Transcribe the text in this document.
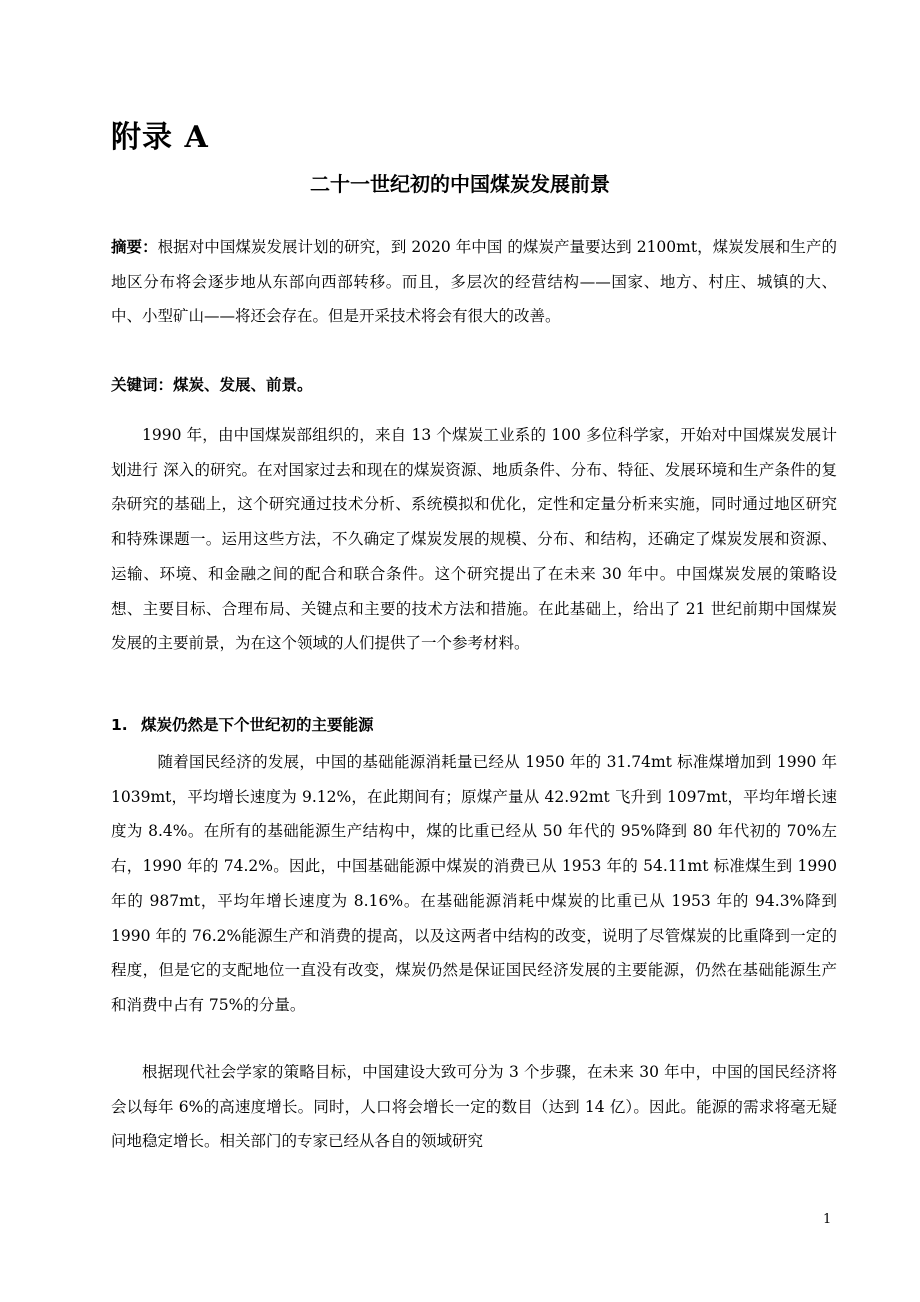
附录 A
二十一世纪初的中国煤炭发展前景
摘要：根据对中国煤炭发展计划的研究，到 2020 年中国 的煤炭产量要达到 2100mt，煤炭发展和生产的地区分布将会逐步地从东部向西部转移。而且，多层次的经营结构——国家、地方、村庄、城镇的大、中、小型矿山——将还会存在。但是开采技术将会有很大的改善。
关键词：煤炭、发展、前景。
1990 年，由中国煤炭部组织的，来自 13 个煤炭工业系的 100 多位科学家，开始对中国煤炭发展计划进行 深入的研究。在对国家过去和现在的煤炭资源、地质条件、分布、特征、发展环境和生产条件的复杂研究的基础上，这个研究通过技术分析、系统模拟和优化，定性和定量分析来实施，同时通过地区研究和特殊课题一。运用这些方法，不久确定了煤炭发展的规模、分布、和结构，还确定了煤炭发展和资源、运输、环境、和金融之间的配合和联合条件。这个研究提出了在未来 30 年中。中国煤炭发展的策略设想、主要目标、合理布局、关键点和主要的技术方法和措施。在此基础上，给出了 21 世纪前期中国煤炭发展的主要前景，为在这个领域的人们提供了一个参考材料。
1. 煤炭仍然是下个世纪初的主要能源
随着国民经济的发展，中国的基础能源消耗量已经从 1950 年的 31.74mt 标准煤增加到 1990 年 1039mt，平均增长速度为 9.12%，在此期间有；原煤产量从 42.92mt 飞升到 1097mt，平均年增长速度为 8.4%。在所有的基础能源生产结构中，煤的比重已经从 50 年代的 95%降到 80 年代初的 70%左右，1990 年的 74.2%。因此，中国基础能源中煤炭的消费已从 1953 年的 54.11mt 标准煤生到 1990 年的 987mt，平均年增长速度为 8.16%。在基础能源消耗中煤炭的比重已从 1953 年的 94.3%降到 1990 年的 76.2%能源生产和消费的提高，以及这两者中结构的改变，说明了尽管煤炭的比重降到一定的程度，但是它的支配地位一直没有改变，煤炭仍然是保证国民经济发展的主要能源，仍然在基础能源生产和消费中占有 75%的分量。
根据现代社会学家的策略目标，中国建设大致可分为 3 个步骤，在未来 30 年中，中国的国民经济将会以每年 6%的高速度增长。同时，人口将会增长一定的数目（达到 14 亿）。因此。能源的需求将毫无疑问地稳定增长。相关部门的专家已经从各自的领域研究
1
